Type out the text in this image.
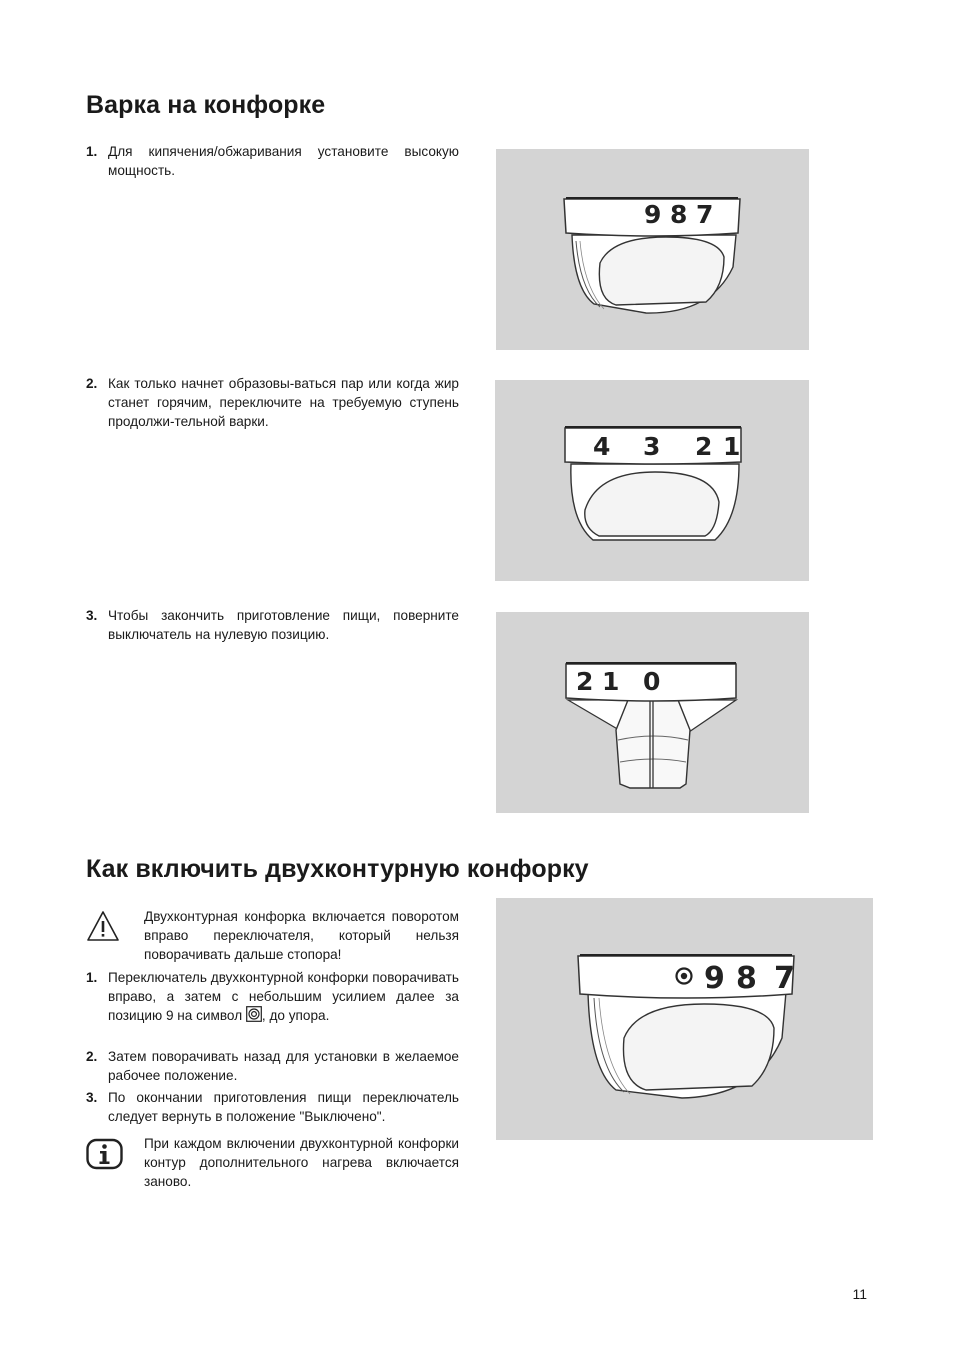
Варка на конфорке
1. Для кипячения/обжаривания установите высокую мощность.
9 8 7
2. Как только начнет образовы-ваться пар или когда жир станет горячим, переключите на требуемую ступень продолжи-тельной варки.
4 3 2 1
3. Чтобы закончить приготовление пищи, поверните выключатель на нулевую позицию.
2 1 0
Как включить двухконтурную конфорку
Двухконтурная конфорка включается поворотом вправо переключателя, который нельзя поворачивать дальше стопора!
1. Переключатель двухконтурной конфорки поворачивать вправо, а затем с небольшим усилием далее за позицию 9 на символ , до упора.
2. Затем поворачивать назад для установки в желаемое рабочее положение.
3. По окончании приготовления пищи переключатель следует вернуть в положение "Выключено".
При каждом включении двухконтурной конфорки контур дополнительного нагрева включается заново.
9 8 7
11
